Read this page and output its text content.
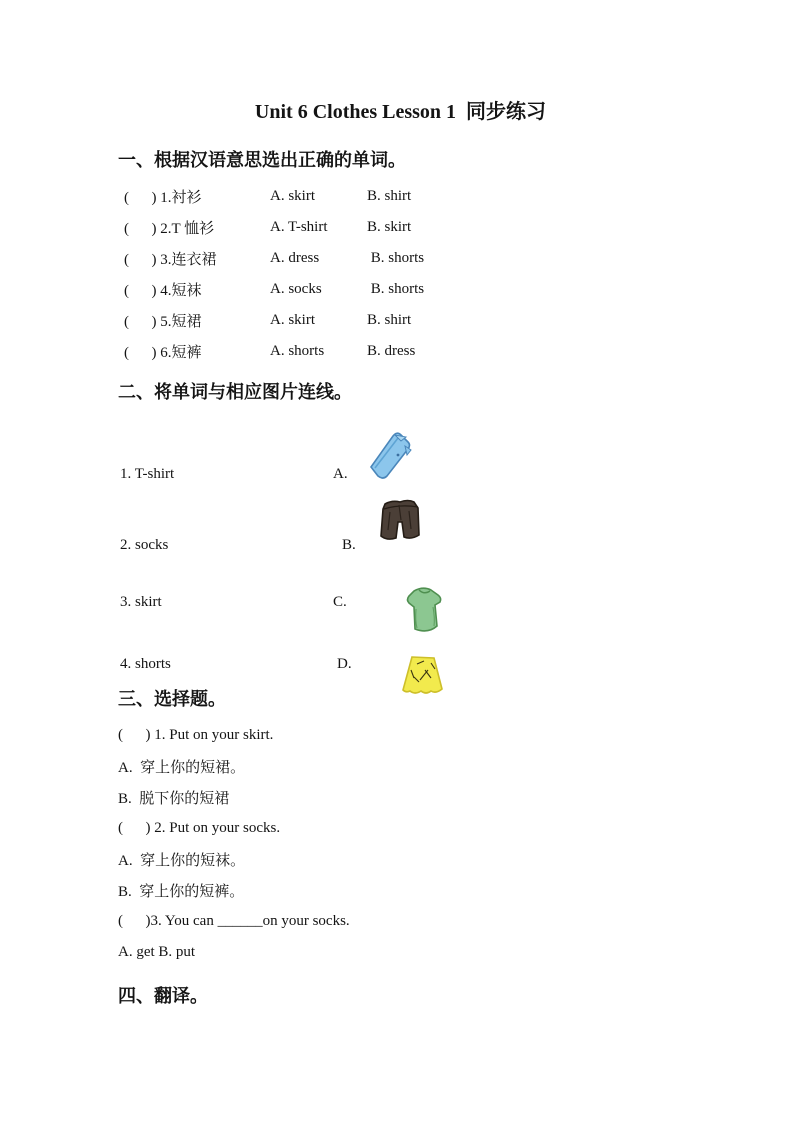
Unit 6 Clothes Lesson 1  同步练习
一、根据汉语意思选出正确的单词。
(      ) 1.衬衫	A. skirt	B. shirt
(      ) 2.T 恤衫	A. T-shirt	B. skirt
(      ) 3.连衣裙	A. dress	B. shorts
(      ) 4.短袜	A. socks	B. shorts
(      ) 5.短裙	A. skirt	B. shirt
(      ) 6.短裤	A. shorts	B. dress
二、将单词与相应图片连线。
1. T-shirt	A.
2. socks	B.
3. skirt	C.
4. shorts	D.
三、选择题。
(      ) 1. Put on your skirt.
A.  穿上你的短裙。
B.  脱下你的短裙
(      ) 2. Put on your socks.
A.  穿上你的短袜。
B.  穿上你的短裤。
(      )3. You can ______on your socks.
A. get B. put
四、翻译。
